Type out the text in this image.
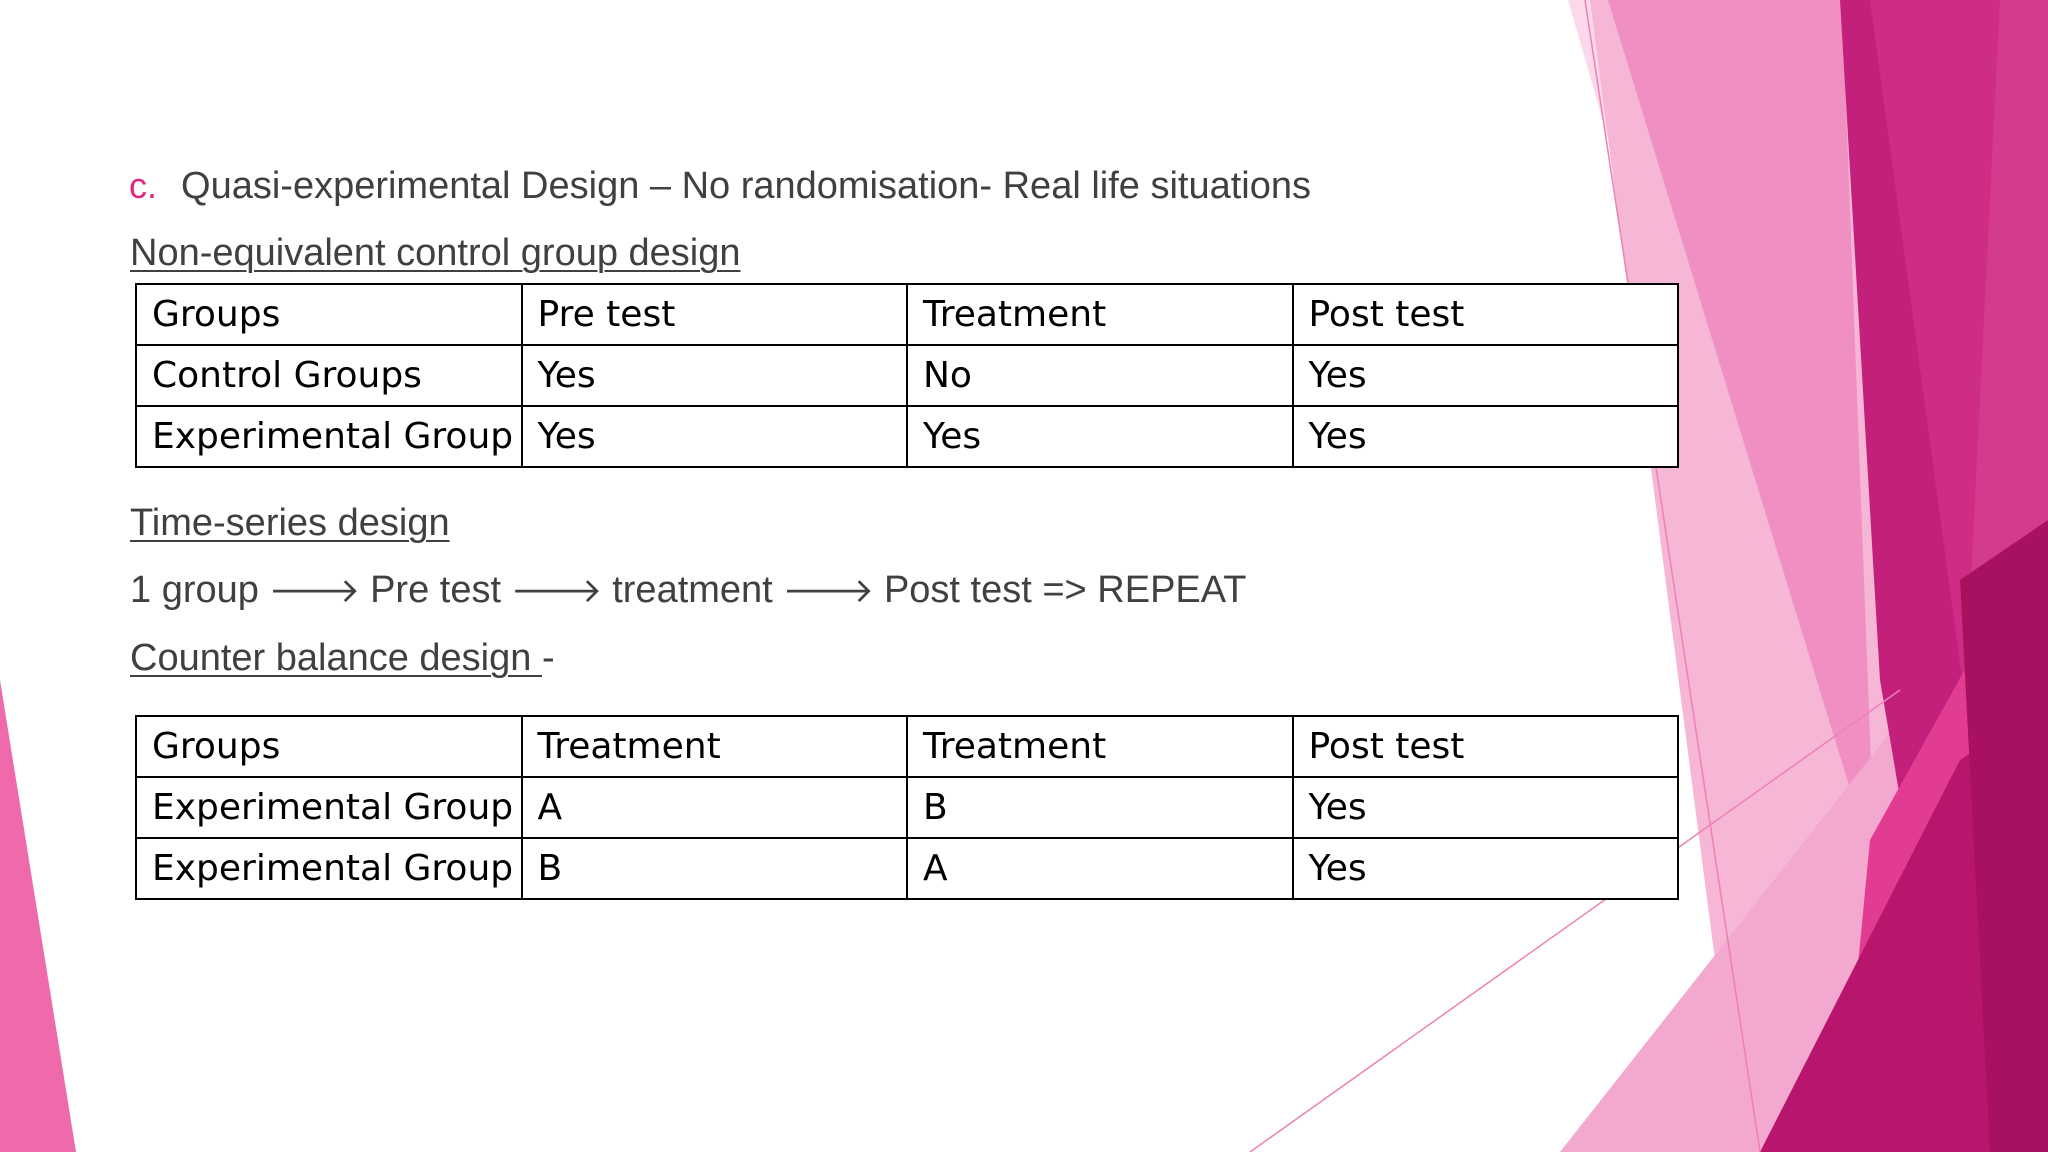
c. Quasi-experimental Design – No randomisation- Real life situations
Non-equivalent control group design
Groups	Pre test	Treatment	Post test
Control Groups	Yes	No	Yes
Experimental Group	Yes	Yes	Yes
Time-series design
1 group 🡒 Pre test 🡒 treatment 🡒 Post test => REPEAT
Counter balance design -
Groups	Treatment	Treatment	Post test
Experimental Group	A	B	Yes
Experimental Group	B	A	Yes
